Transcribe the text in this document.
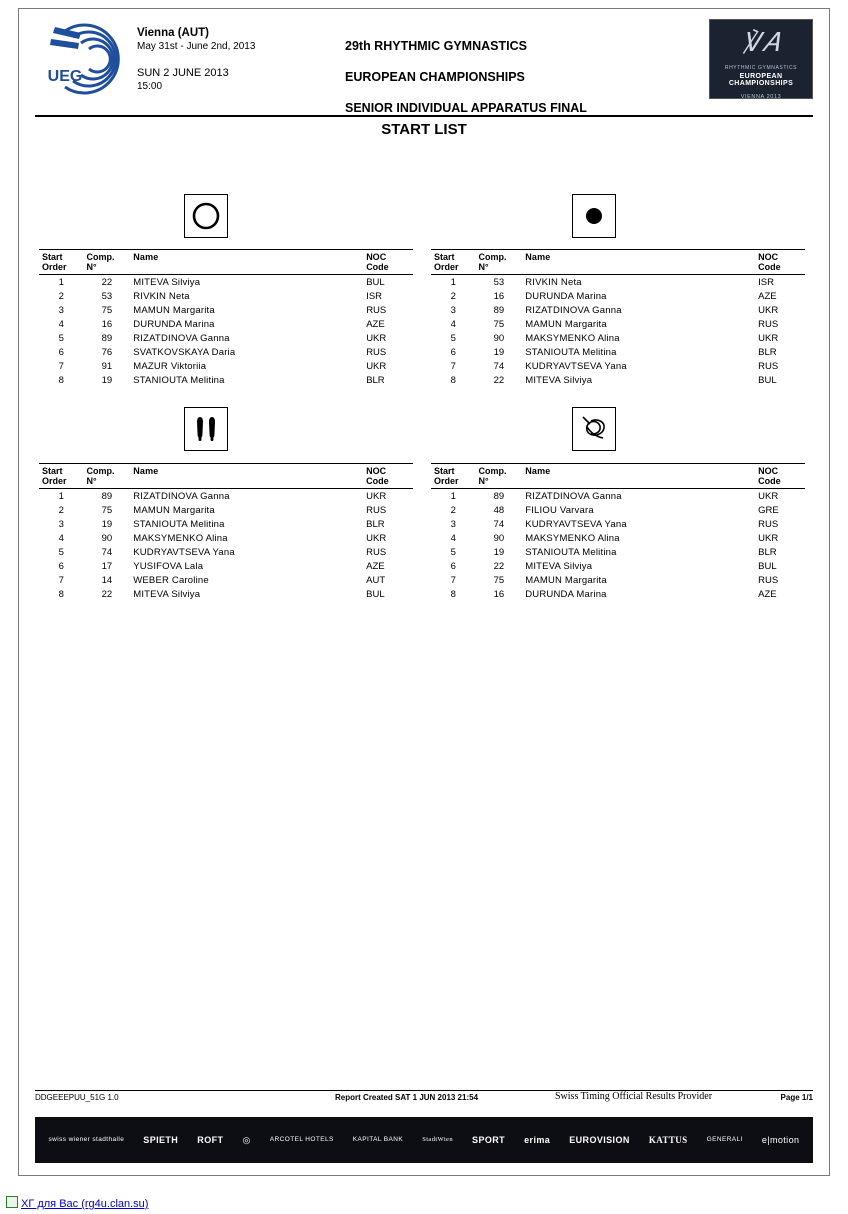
UEG
Vienna (AUT)
May 31st - June 2nd, 2013
SUN 2 JUNE 2013
15:00
29th RHYTHMIC GYMNASTICS
EUROPEAN CHAMPIONSHIPS
SENIOR INDIVIDUAL APPARATUS FINAL
℣𝐴
RHYTHMIC GYMNASTICS
EUROPEAN CHAMPIONSHIPS
VIENNA 2013
START LIST
Start
Order	Comp.
N°	Name	NOC
Code

1	22	MITEVA Silviya	BUL
2	53	RIVKIN Neta	ISR
3	75	MAMUN Margarita	RUS
4	16	DURUNDA Marina	AZE
5	89	RIZATDINOVA Ganna	UKR
6	76	SVATKOVSKAYA Daria	RUS
7	91	MAZUR Viktoriia	UKR
8	19	STANIOUTA Melitina	BLR
Start
Order	Comp.
N°	Name	NOC
Code

1	53	RIVKIN Neta	ISR
2	16	DURUNDA Marina	AZE
3	89	RIZATDINOVA Ganna	UKR
4	75	MAMUN Margarita	RUS
5	90	MAKSYMENKO Alina	UKR
6	19	STANIOUTA Melitina	BLR
7	74	KUDRYAVTSEVA Yana	RUS
8	22	MITEVA Silviya	BUL
Start
Order	Comp.
N°	Name	NOC
Code

1	89	RIZATDINOVA Ganna	UKR
2	75	MAMUN Margarita	RUS
3	19	STANIOUTA Melitina	BLR
4	90	MAKSYMENKO Alina	UKR
5	74	KUDRYAVTSEVA Yana	RUS
6	17	YUSIFOVA Lala	AZE
7	14	WEBER Caroline	AUT
8	22	MITEVA Silviya	BUL
Start
Order	Comp.
N°	Name	NOC
Code

1	89	RIZATDINOVA Ganna	UKR
2	48	FILIOU Varvara	GRE
3	74	KUDRYAVTSEVA Yana	RUS
4	90	MAKSYMENKO Alina	UKR
5	19	STANIOUTA Melitina	BLR
6	22	MITEVA Silviya	BUL
7	75	MAMUN Margarita	RUS
8	16	DURUNDA Marina	AZE
DDGEEEPUU_51G 1.0	Report Created SAT 1 JUN 2013 21:54	Swiss Timing Official Results Provider	Page 1/1
swiss wiener stadthalle SPIETH ROFT ◎	ARCOTEL HOTELS	KAPITAL BANK	StadtWien SPORT erima EUROVISION KATTUS	GENERALI e|motion
ХГ для Вас (rg4u.clan.su)
